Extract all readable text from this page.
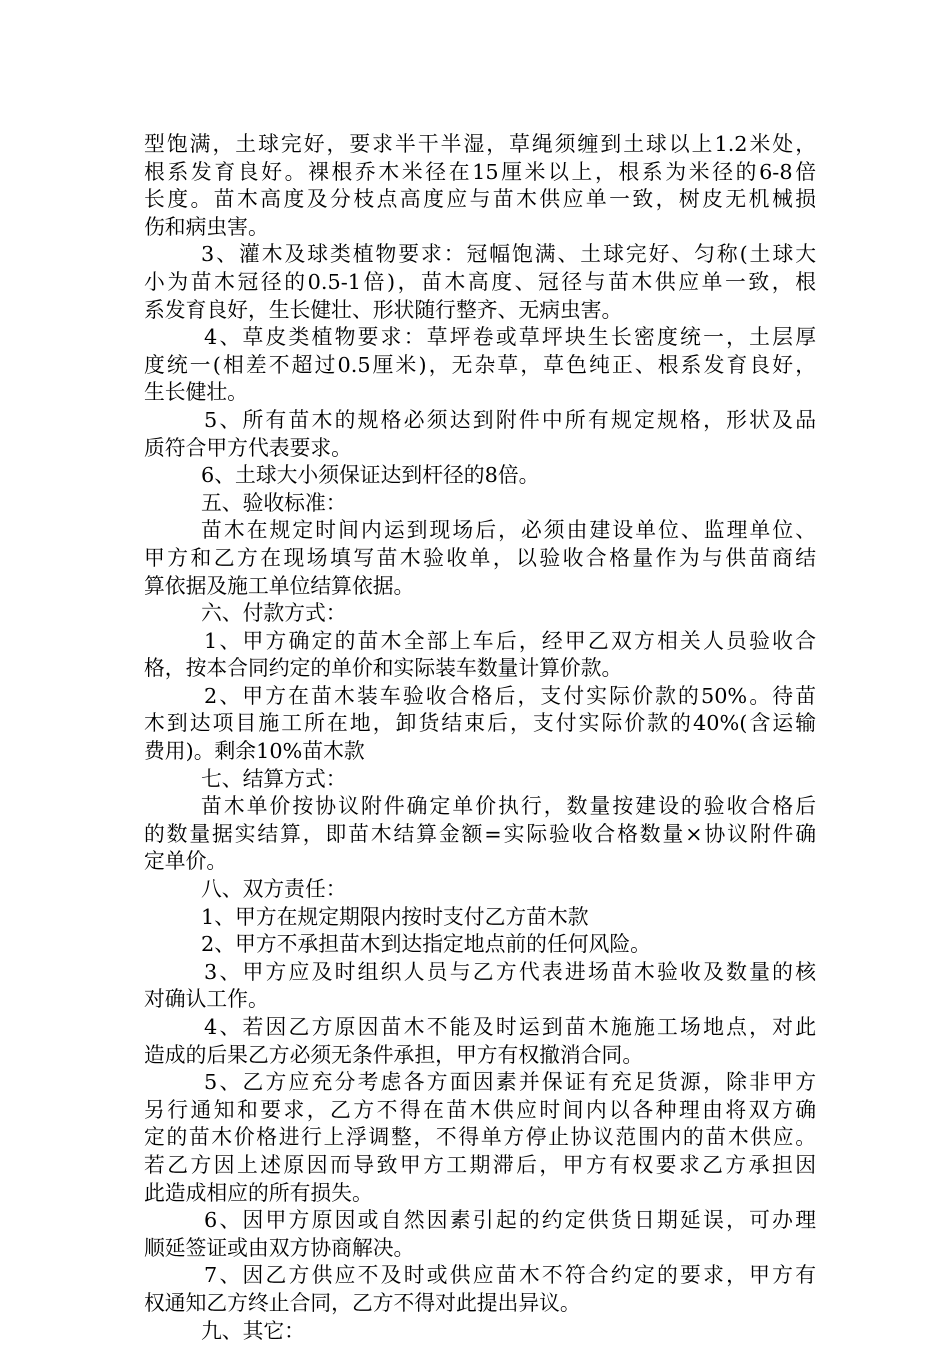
型饱满，土球完好，要求半干半湿，草绳须缠到土球以上1.2米处，
根系发育良好。裸根乔木米径在15厘米以上，根系为米径的6-8倍
长度。苗木高度及分枝点高度应与苗木供应单一致，树皮无机械损
伤和病虫害。
3、灌木及球类植物要求：冠幅饱满、土球完好、匀称(土球大
小为苗木冠径的0.5-1倍)，苗木高度、冠径与苗木供应单一致，根
系发育良好，生长健壮、形状随行整齐、无病虫害。
4、草皮类植物要求：草坪卷或草坪块生长密度统一，土层厚
度统一(相差不超过0.5厘米)，无杂草，草色纯正、根系发育良好，
生长健壮。
5、所有苗木的规格必须达到附件中所有规定规格，形状及品
质符合甲方代表要求。
6、土球大小须保证达到杆径的8倍。
五、验收标准：
苗木在规定时间内运到现场后，必须由建设单位、监理单位、
甲方和乙方在现场填写苗木验收单，以验收合格量作为与供苗商结
算依据及施工单位结算依据。
六、付款方式：
1、甲方确定的苗木全部上车后，经甲乙双方相关人员验收合
格，按本合同约定的单价和实际装车数量计算价款。
2、甲方在苗木装车验收合格后，支付实际价款的50%。待苗
木到达项目施工所在地，卸货结束后，支付实际价款的40%(含运输
费用)。剩余10%苗木款
七、结算方式：
苗木单价按协议附件确定单价执行，数量按建设的验收合格后
的数量据实结算，即苗木结算金额=实际验收合格数量×协议附件确
定单价。
八、双方责任：
1、甲方在规定期限内按时支付乙方苗木款
2、甲方不承担苗木到达指定地点前的任何风险。
3、甲方应及时组织人员与乙方代表进场苗木验收及数量的核
对确认工作。
4、若因乙方原因苗木不能及时运到苗木施施工场地点，对此
造成的后果乙方必须无条件承担，甲方有权撤消合同。
5、乙方应充分考虑各方面因素并保证有充足货源，除非甲方
另行通知和要求，乙方不得在苗木供应时间内以各种理由将双方确
定的苗木价格进行上浮调整，不得单方停止协议范围内的苗木供应。
若乙方因上述原因而导致甲方工期滞后，甲方有权要求乙方承担因
此造成相应的所有损失。
6、因甲方原因或自然因素引起的约定供货日期延误，可办理
顺延签证或由双方协商解决。
7、因乙方供应不及时或供应苗木不符合约定的要求，甲方有
权通知乙方终止合同，乙方不得对此提出异议。
九、其它：
